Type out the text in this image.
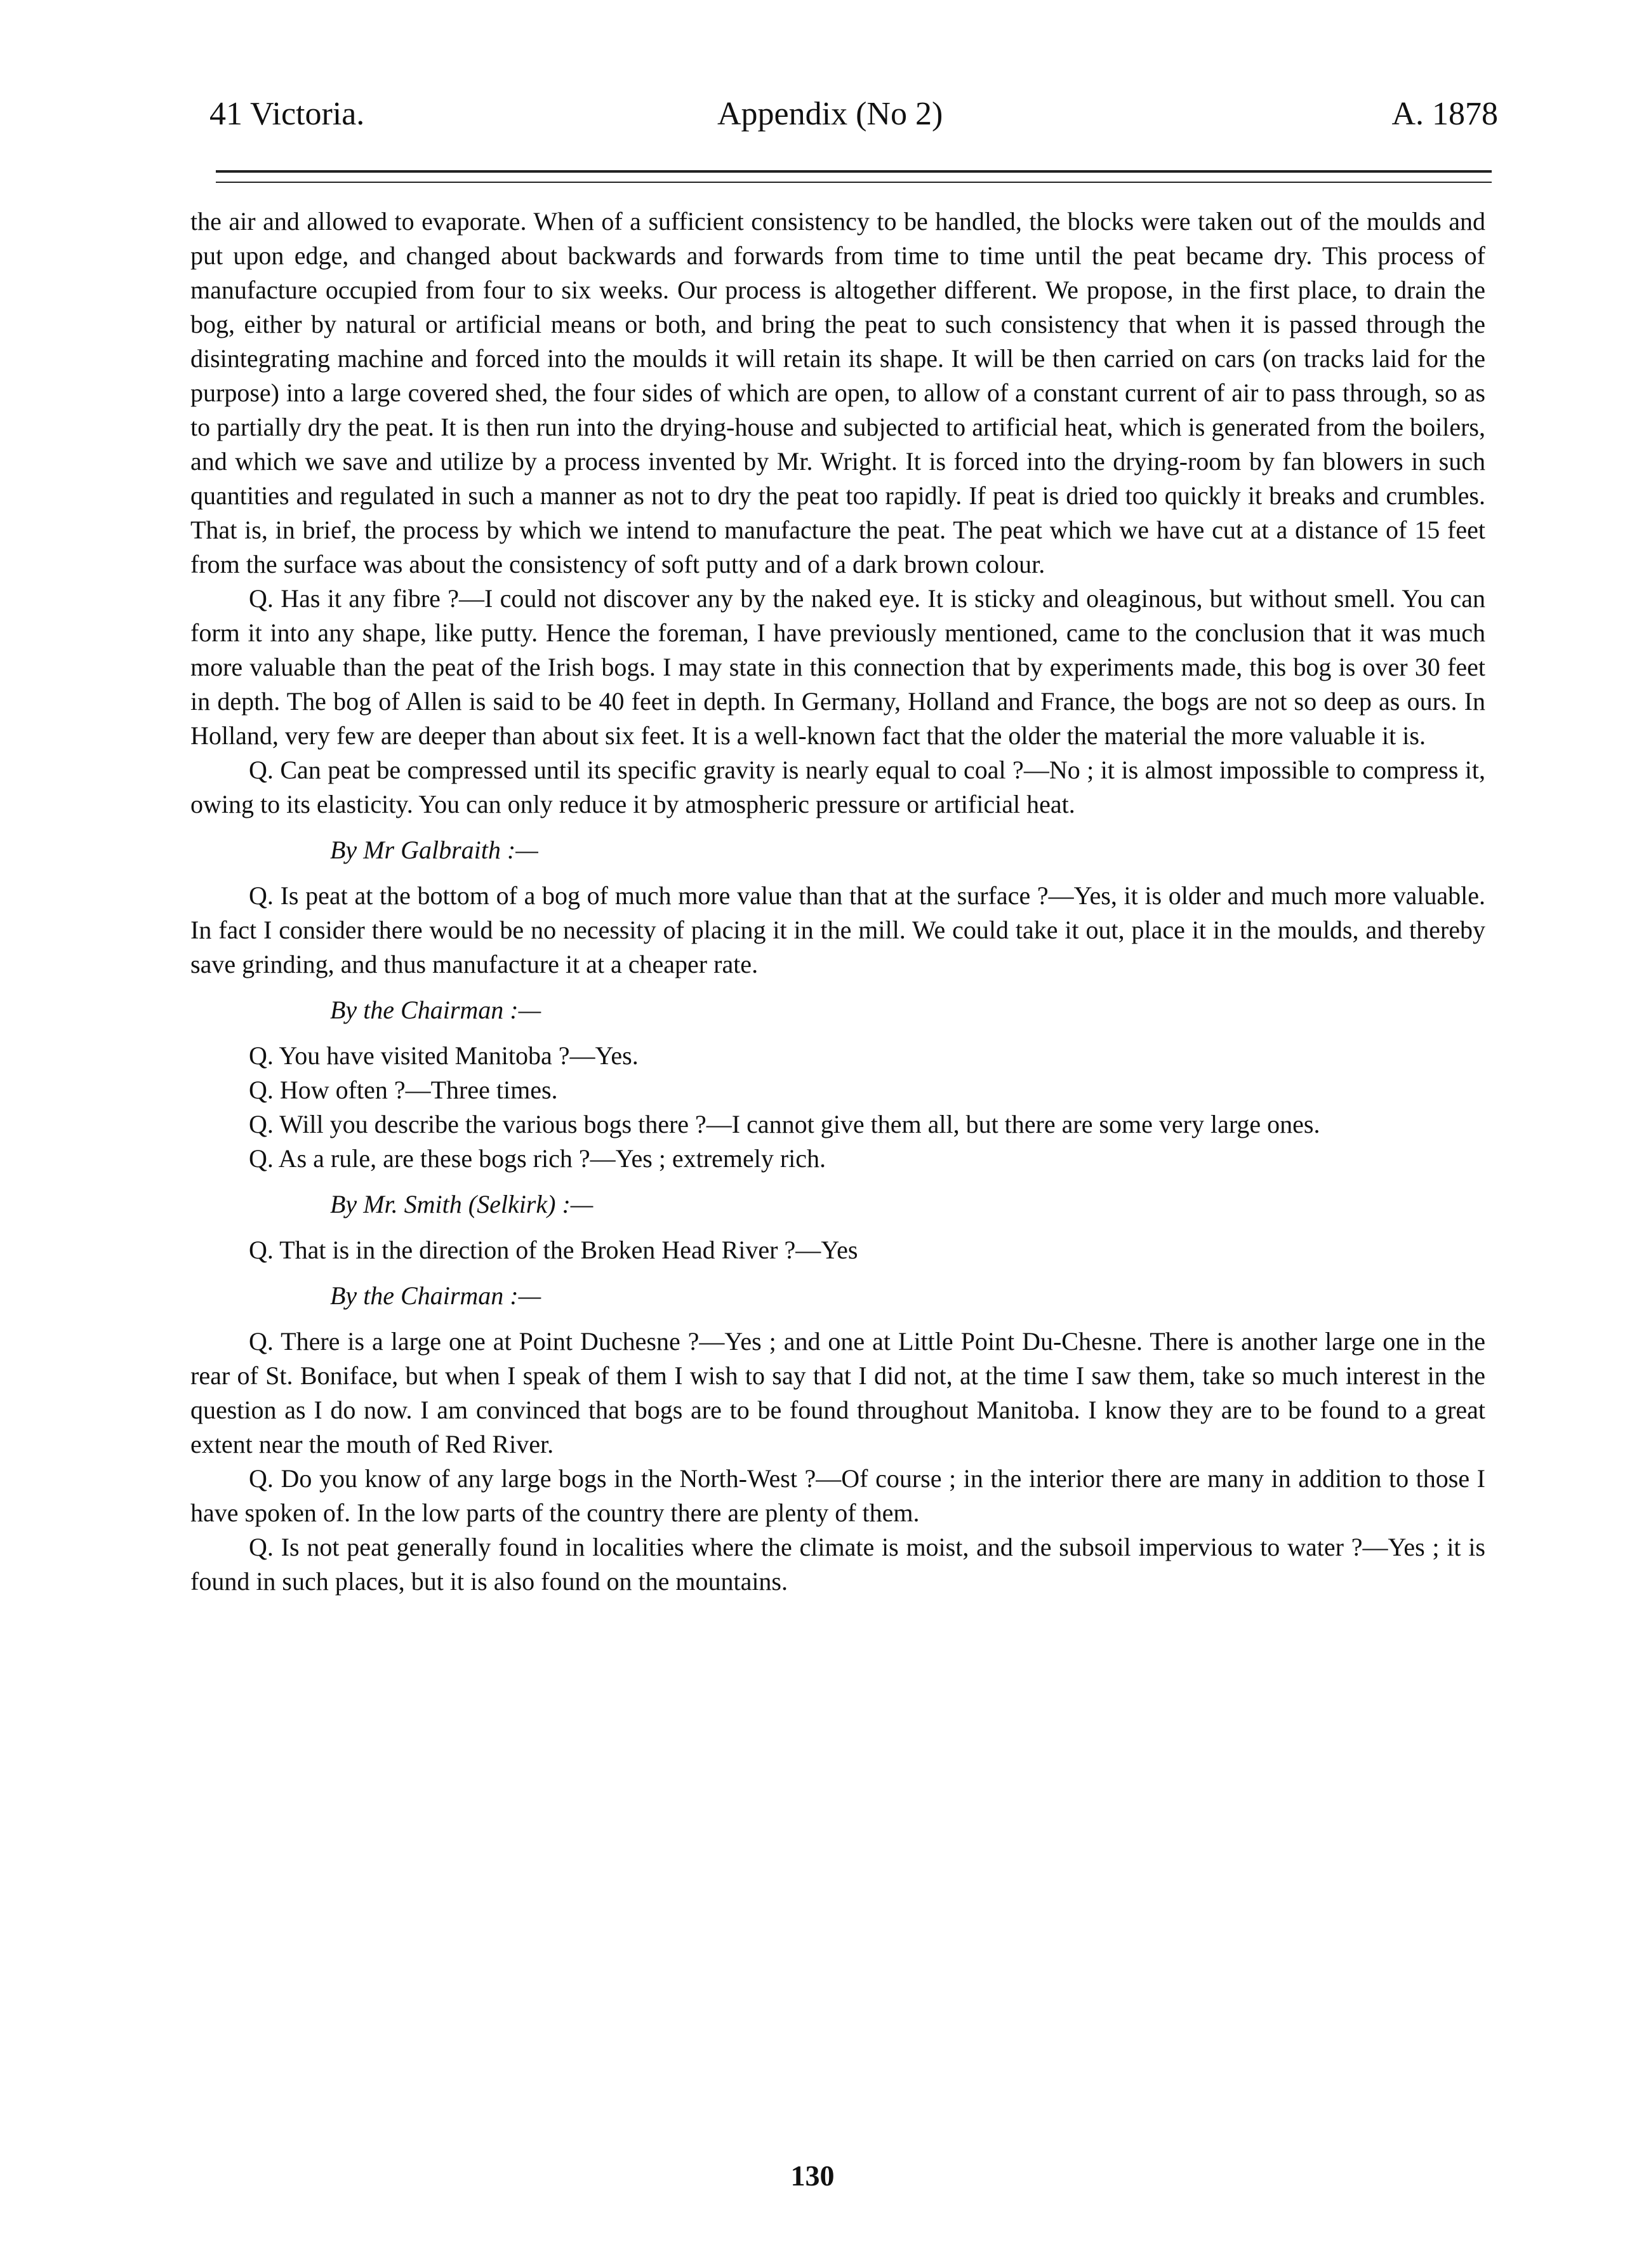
41 Victoria.	Appendix (No 2)	A. 1878

the air and allowed to evaporate. When of a sufficient consistency to be handled, the blocks were taken out of the moulds and put upon edge, and changed about backwards and forwards from time to time until the peat became dry. This process of manufacture occupied from four to six weeks. Our process is altogether different. We propose, in the first place, to drain the bog, either by natural or artificial means or both, and bring the peat to such consistency that when it is passed through the disintegrating machine and forced into the moulds it will retain its shape. It will be then carried on cars (on tracks laid for the purpose) into a large covered shed, the four sides of which are open, to allow of a constant current of air to pass through, so as to partially dry the peat. It is then run into the drying-house and subjected to artificial heat, which is generated from the boilers, and which we save and utilize by a process invented by Mr. Wright. It is forced into the drying-room by fan blowers in such quantities and regulated in such a manner as not to dry the peat too rapidly. If peat is dried too quickly it breaks and crumbles. That is, in brief, the process by which we intend to manufacture the peat. The peat which we have cut at a distance of 15 feet from the surface was about the consistency of soft putty and of a dark brown colour.

Q. Has it any fibre ?—I could not discover any by the naked eye. It is sticky and oleaginous, but without smell. You can form it into any shape, like putty. Hence the foreman, I have previously mentioned, came to the conclusion that it was much more valuable than the peat of the Irish bogs. I may state in this connection that by experiments made, this bog is over 30 feet in depth. The bog of Allen is said to be 40 feet in depth. In Germany, Holland and France, the bogs are not so deep as ours. In Holland, very few are deeper than about six feet. It is a well-known fact that the older the material the more valuable it is.

Q. Can peat be compressed until its specific gravity is nearly equal to coal ?—No ; it is almost impossible to compress it, owing to its elasticity. You can only reduce it by atmospheric pressure or artificial heat.

By Mr Galbraith :—

Q. Is peat at the bottom of a bog of much more value than that at the surface ?—Yes, it is older and much more valuable. In fact I consider there would be no necessity of placing it in the mill. We could take it out, place it in the moulds, and thereby save grinding, and thus manufacture it at a cheaper rate.

By the Chairman :—

Q. You have visited Manitoba ?—Yes.

Q. How often ?—Three times.

Q. Will you describe the various bogs there ?—I cannot give them all, but there are some very large ones.

Q. As a rule, are these bogs rich ?—Yes ; extremely rich.

By Mr. Smith (Selkirk) :—

Q. That is in the direction of the Broken Head River ?—Yes

By the Chairman :—

Q. There is a large one at Point Duchesne ?—Yes ; and one at Little Point Du-Chesne. There is another large one in the rear of St. Boniface, but when I speak of them I wish to say that I did not, at the time I saw them, take so much interest in the question as I do now. I am convinced that bogs are to be found throughout Manitoba. I know they are to be found to a great extent near the mouth of Red River.

Q. Do you know of any large bogs in the North-West ?—Of course ; in the interior there are many in addition to those I have spoken of. In the low parts of the country there are plenty of them.

Q. Is not peat generally found in localities where the climate is moist, and the subsoil impervious to water ?—Yes ; it is found in such places, but it is also found on the mountains.

130
